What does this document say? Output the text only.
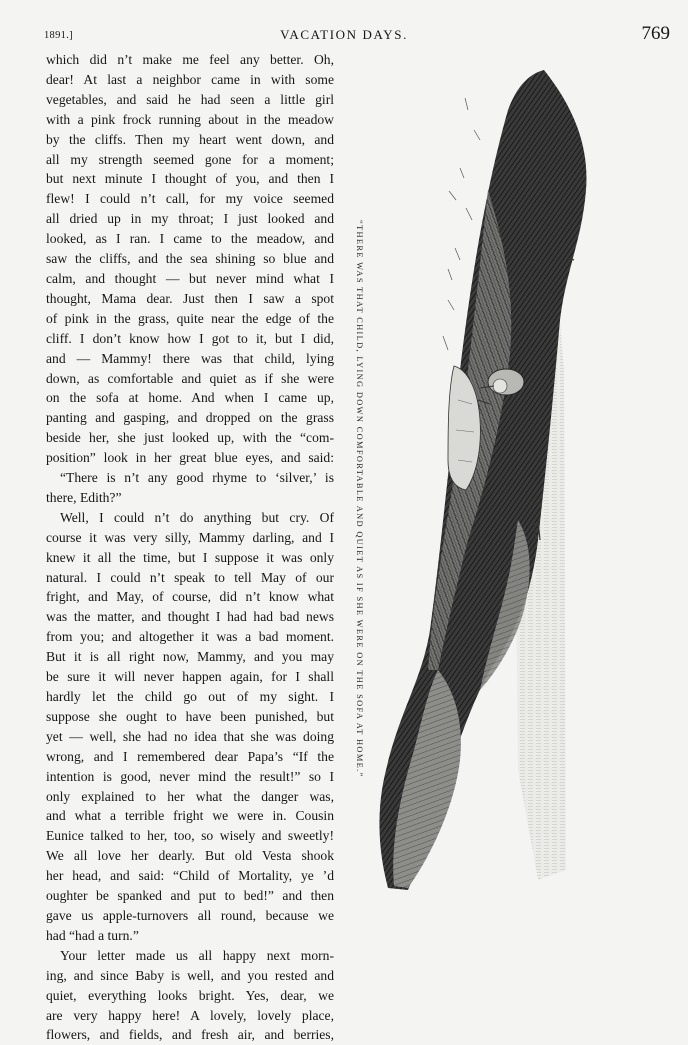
1891.]	VACATION DAYS.	769
which did n’t make me feel any better. Oh,
dear! At last a neighbor came in with some
vegetables, and said he had seen a little girl
with a pink frock running about in the meadow
by the cliffs. Then my heart went down, and
all my strength seemed gone for a moment;
but next minute I thought of you, and then I
flew! I could n’t call, for my voice seemed
all dried up in my throat; I just looked and
looked, as I ran. I came to the meadow, and
saw the cliffs, and the sea shining so blue and
calm, and thought — but never mind what I
thought, Mama dear. Just then I saw a spot
of pink in the grass, quite near the edge of the
cliff. I don’t know how I got to it, but I did,
and — Mammy! there was that child, lying
down, as comfortable and quiet as if she were
on the sofa at home. And when I came up,
panting and gasping, and dropped on the grass
beside her, she just looked up, with the “com-
position” look in her great blue eyes, and said:
“There is n’t any good rhyme to ‘silver,’ is
there, Edith?”
Well, I could n’t do anything but cry. Of
course it was very silly, Mammy darling, and I
knew it all the time, but I suppose it was only
natural. I could n’t speak to tell May of our
fright, and May, of course, did n’t know what
was the matter, and thought I had had bad news
from you; and altogether it was a bad moment.
But it is all right now, Mammy, and you may
be sure it will never happen again, for I shall
hardly let the child go out of my sight. I
suppose she ought to have been punished, but
yet — well, she had no idea that she was doing
wrong, and I remembered dear Papa’s “If the
intention is good, never mind the result!” so I
only explained to her what the danger was,
and what a terrible fright we were in. Cousin
Eunice talked to her, too, so wisely and sweetly!
We all love her dearly. But old Vesta shook
her head, and said: “Child of Mortality, ye ’d
oughter be spanked and put to bed!” and then
gave us apple-turnovers all round, because we
had “had a turn.”
Your letter made us all happy next morn-
ing, and since Baby is well, and you rested and
quiet, everything looks bright. Yes, dear, we
are very happy here! A lovely, lovely place,
flowers, and fields, and fresh air, and berries,
“THERE WAS THAT CHILD, LYING DOWN COMFORTABLE AND QUIET AS IF SHE WERE ON THE SOFA AT HOME.”
